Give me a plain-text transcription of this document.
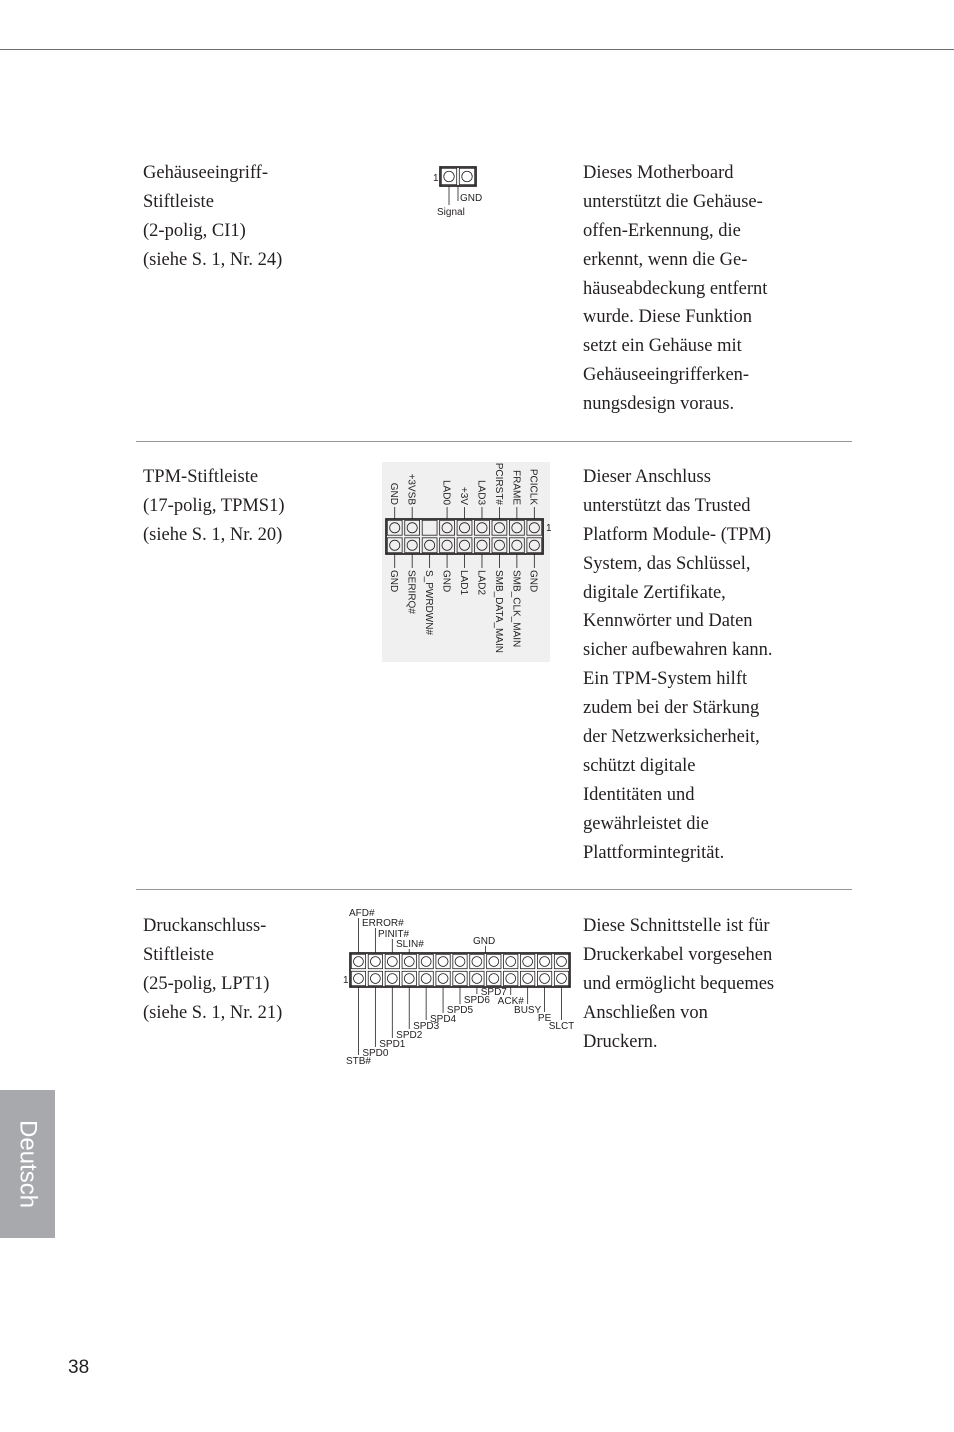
Gehäuseeingriff-
Stiftleiste
(2-polig, CI1)
(siehe S. 1, Nr. 24)
1
GND
Signal
Dieses Motherboard
unterstützt die Gehäuse-
offen-Erkennung, die
erkennt, wenn die Ge-
häuseabdeckung entfernt
wurde. Diese Funktion
setzt ein Gehäuse mit
Gehäuseeingrifferken-
nungsdesign voraus.
TPM-Stiftleiste
(17-polig, TPMS1)
(siehe S. 1, Nr. 20)
GND +3VSB LAD0 +3V LAD3 PCIRST# FRAME PCICLK
GND SERIRQ# S_PWRDWN# GND LAD1 LAD2 SMB_DATA_MAIN SMB_CLK_MAIN GND
1
Dieser Anschluss
unterstützt das Trusted
Platform Module- (TPM)
System, das Schlüssel,
digitale Zertifikate,
Kennwörter und Daten
sicher aufbewahren kann.
Ein TPM-System hilft
zudem bei der Stärkung
der Netzwerksicherheit,
schützt digitale
Identitäten und
gewährleistet die
Plattformintegrität.
Druckanschluss-
Stiftleiste
(25-polig, LPT1)
(siehe S. 1, Nr. 21)
1
AFD#
ERROR#
PINIT#
SLIN#	GND
STB#
SPD0
SPD1
SPD2
SPD3
SPD4
SPD5
SPD6
SPD7
ACK#
BUSY
PE
SLCT
Diese Schnittstelle ist für
Druckerkabel vorgesehen
und ermöglicht bequemes
Anschließen von
Druckern.
Deutsch
38
